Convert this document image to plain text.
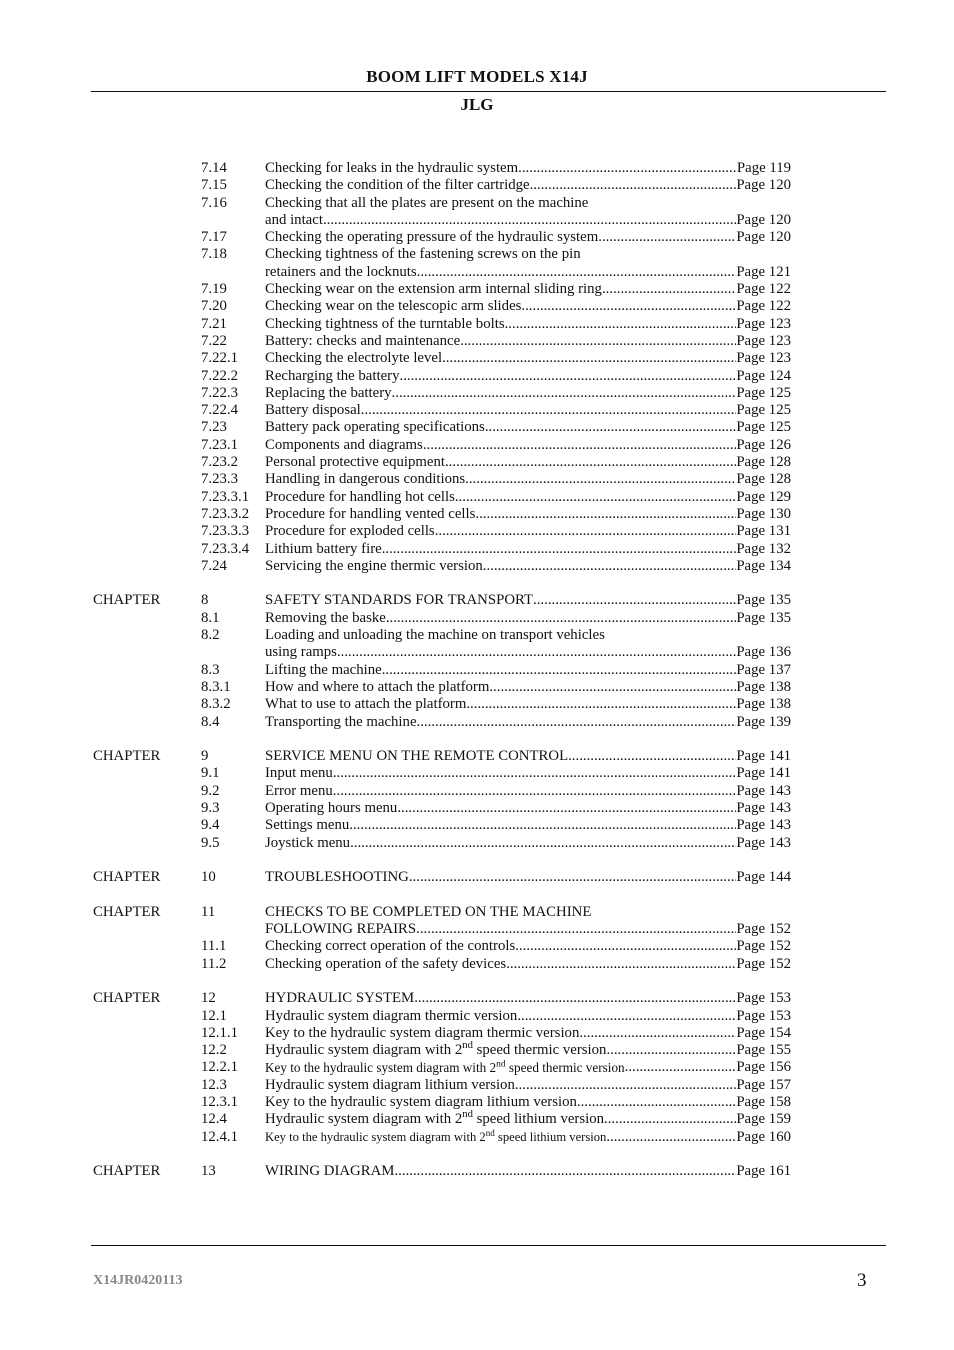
BOOM LIFT MODELS X14J
JLG
7.14	Checking for leaks in the hydraulic system .....	Page 119
7.15	Checking the condition of the filter cartridge .....	Page 120
7.16	Checking that all the plates are present on the machine
and intact .....	Page 120
7.17	Checking the operating pressure of the hydraulic system .....	Page 120
7.18	Checking tightness of the fastening screws on the pin
retainers and the locknuts .....	Page 121
7.19	Checking wear on the extension arm internal sliding ring .....	Page 122
7.20	Checking wear on the telescopic arm slides .....	Page 122
7.21	Checking tightness of the turntable bolts .....	Page 123
7.22	Battery: checks and maintenance .....	Page 123
7.22.1 Checking the electrolyte level .....	Page 123
7.22.2 Recharging the battery .....	Page 124
7.22.3 Replacing the battery .....	Page 125
7.22.4 Battery disposal .....	Page 125
7.23	Battery pack operating specifications .....	Page 125
7.23.1 Components and diagrams .....	Page 126
7.23.2 Personal protective equipment .....	Page 128
7.23.3 Handling in dangerous conditions .....	Page 128
7.23.3.1 Procedure for handling hot cells .....	Page 129
7.23.3.2 Procedure for handling vented cells .....	Page 130
7.23.3.3 Procedure for exploded cells .....	Page 131
7.23.3.4 Lithium battery fire .....	Page 132
7.24	Servicing the engine thermic version .....	Page 134
CHAPTER	8	SAFETY STANDARDS FOR TRANSPORT .....	Page 135
8.1	Removing the baske .....	Page 135
8.2	Loading and unloading the machine on transport vehicles
using ramps .....	Page 136
8.3	Lifting the machine .....	Page 137
8.3.1 How and where to attach the platform .....	Page 138
8.3.2 What to use to attach the platform .....	Page 138
8.4	Transporting the machine .....	Page 139
CHAPTER	9	SERVICE MENU ON THE REMOTE CONTROL .....	Page 141
9.1	Input menu .....	Page 141
9.2	Error menu .....	Page 143
9.3	Operating hours menu .....	Page 143
9.4	Settings menu .....	Page 143
9.5	Joystick menu .....	Page 143
CHAPTER	10	TROUBLESHOOTING .....	Page 144
CHAPTER	11	CHECKS TO BE COMPLETED ON THE MACHINE
FOLLOWING REPAIRS .....	Page 152
11.1	Checking correct operation of the controls .....	Page 152
11.2	Checking operation of the safety devices .....	Page 152
CHAPTER	12	HYDRAULIC SYSTEM .....	Page 153
12.1	Hydraulic system diagram thermic version .....	Page 153
12.1.1 Key to the hydraulic system diagram thermic version .....	Page 154
12.2	Hydraulic system diagram with 2nd speed thermic version .....	Page 155
12.2.1 Key to the hydraulic system diagram with 2nd speed thermic version .....	Page 156
12.3	Hydraulic system diagram lithium version .....	Page 157
12.3.1 Key to the hydraulic system diagram lithium version .....	Page 158
12.4	Hydraulic system diagram with 2nd speed lithium version .....	Page 159
12.4.1 Key to the hydraulic system diagram with 2nd speed lithium version .....	Page 160
CHAPTER	13	WIRING DIAGRAM .....	Page 161
X14JR0420113	3
